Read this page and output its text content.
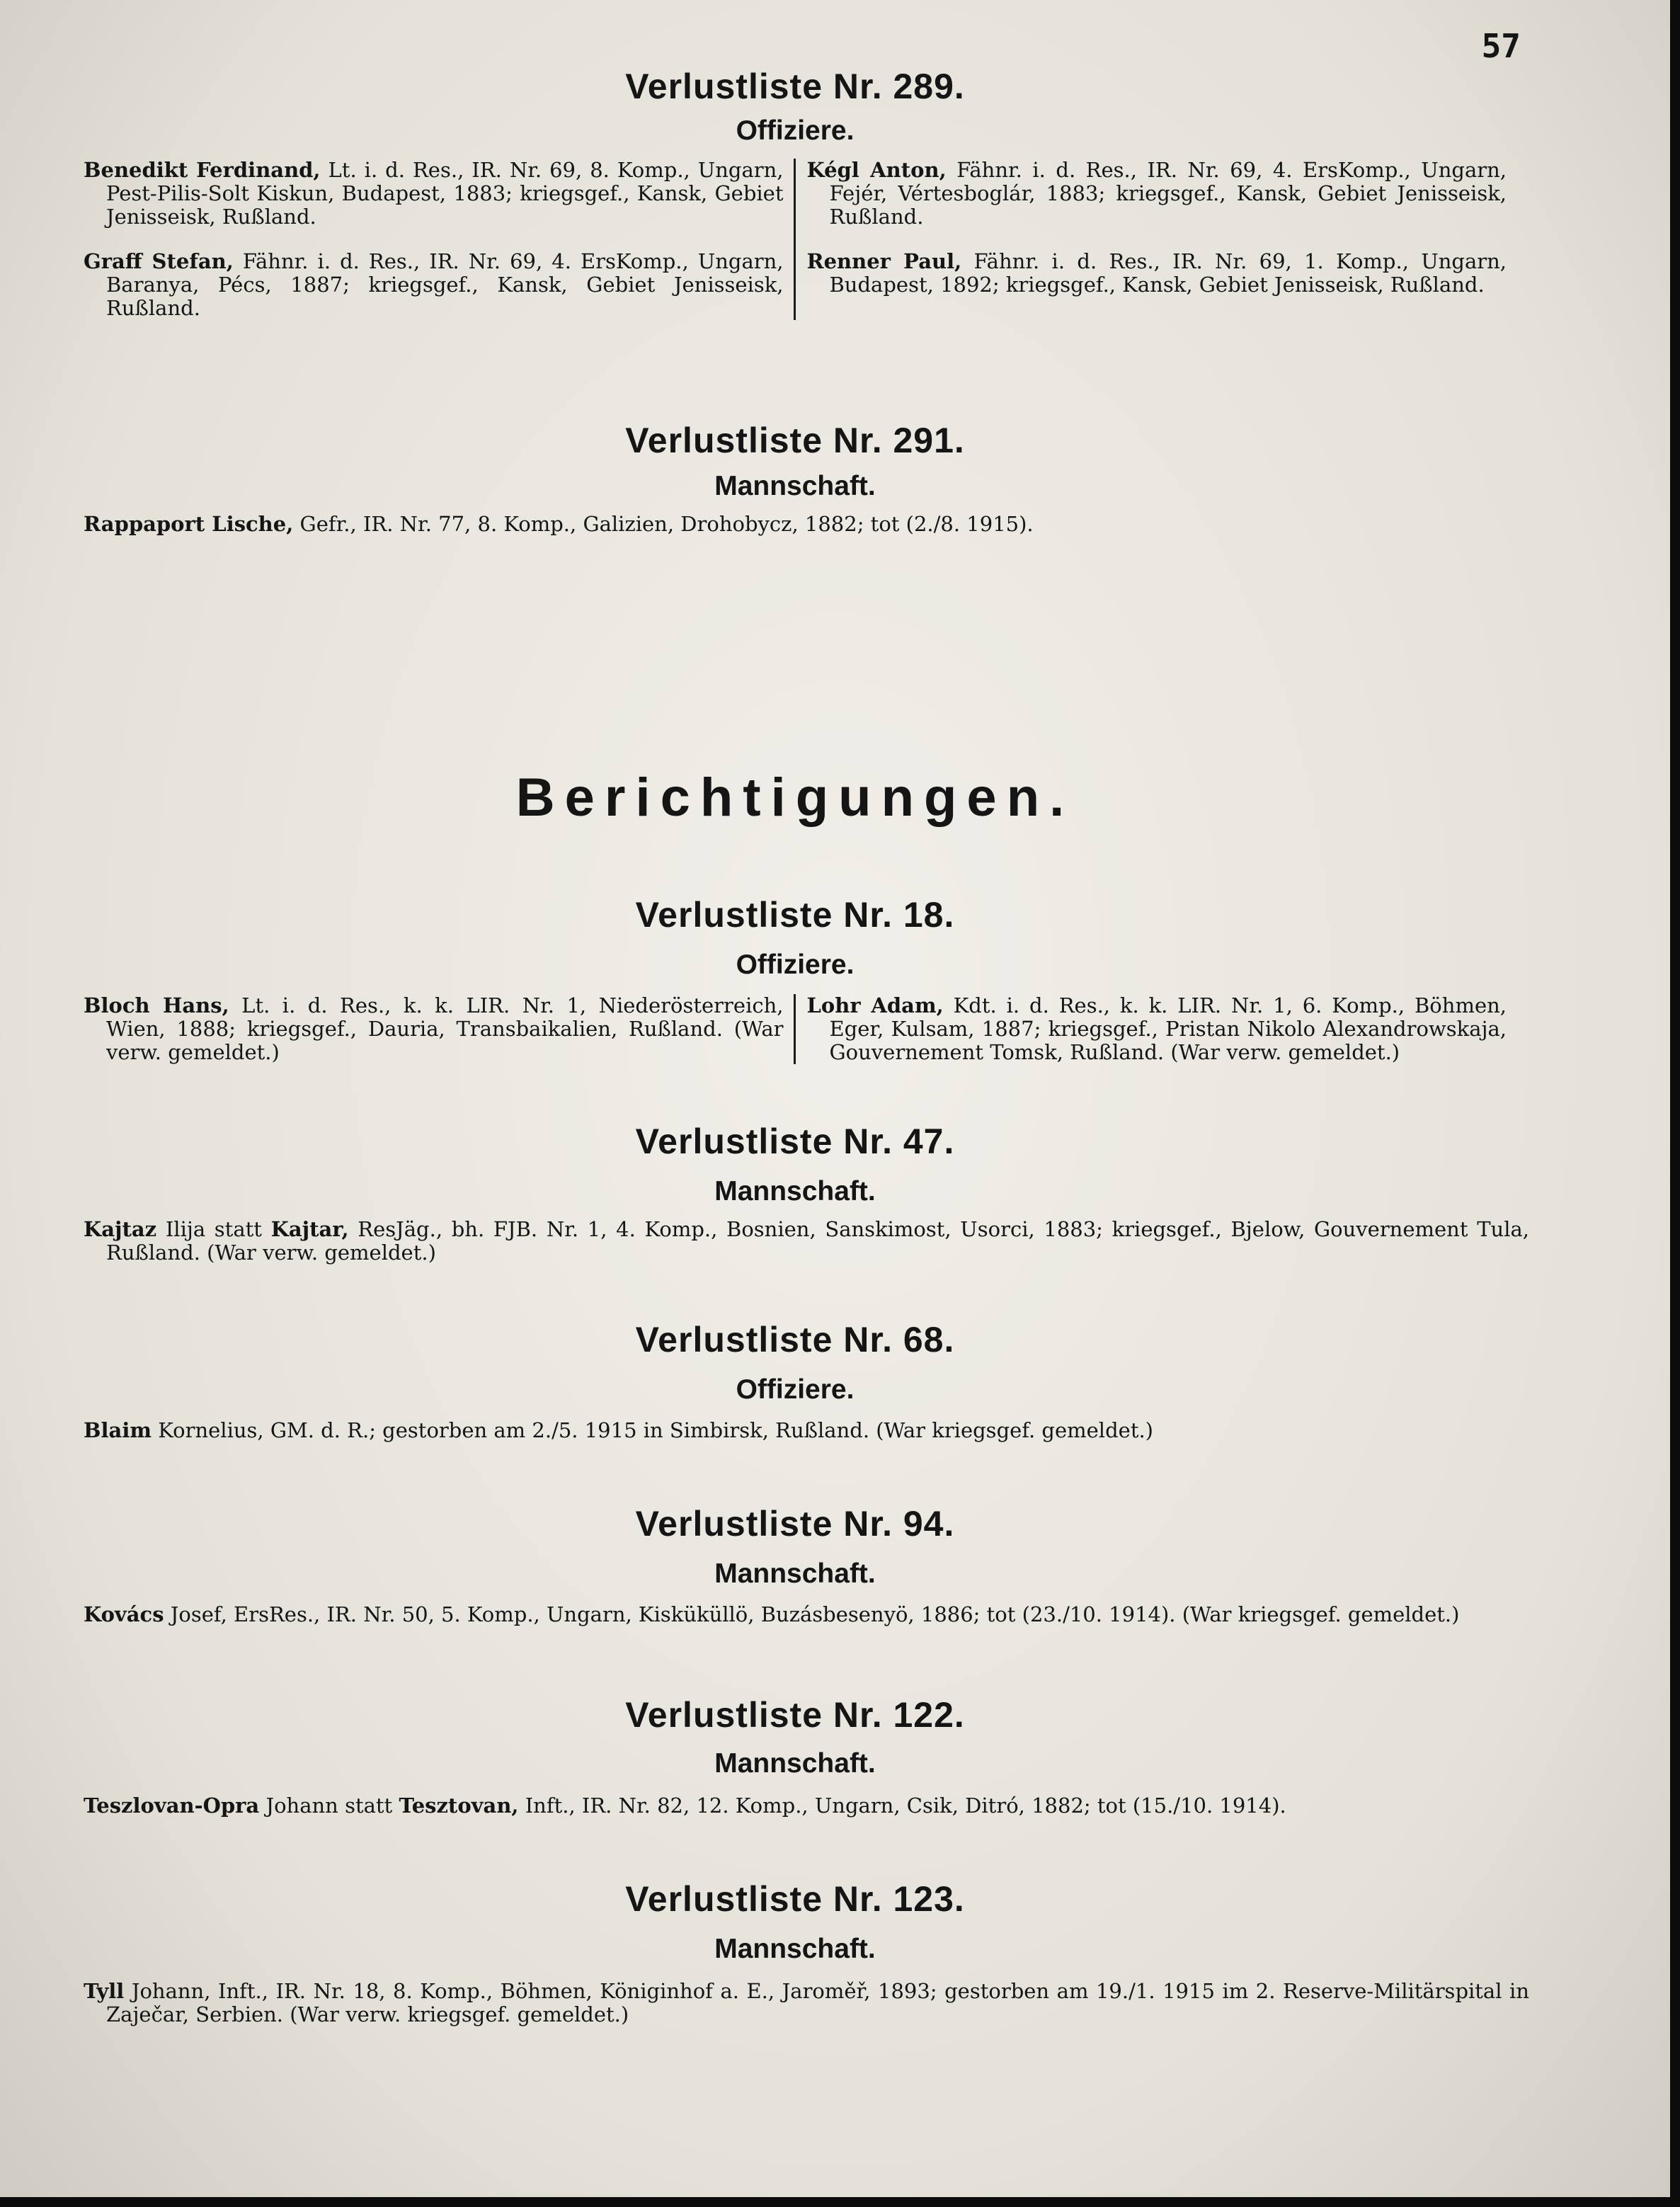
57
Verlustliste Nr. 289.
Offiziere.

Benedikt Ferdinand, Lt. i. d. Res., IR. Nr. 69, 8. Komp., Ungarn, Pest-Pilis-Solt Kiskun, Budapest, 1883; kriegsgef., Kansk, Gebiet Jenisseisk, Rußland.

Graff Stefan, Fähnr. i. d. Res., IR. Nr. 69, 4. ErsKomp., Ungarn, Baranya, Pécs, 1887; kriegsgef., Kansk, Gebiet Jenisseisk, Rußland.

Kégl Anton, Fähnr. i. d. Res., IR. Nr. 69, 4. ErsKomp., Ungarn, Fejér, Vértesboglár, 1883; kriegsgef., Kansk, Gebiet Jenisseisk, Rußland.

Renner Paul, Fähnr. i. d. Res., IR. Nr. 69, 1. Komp., Ungarn, Budapest, 1892; kriegsgef., Kansk, Gebiet Jenisseisk, Rußland.

Verlustliste Nr. 291.
Mannschaft.

Rappaport Lische, Gefr., IR. Nr. 77, 8. Komp., Galizien, Drohobycz, 1882; tot (2./8. 1915).

Berichtigungen.
Verlustliste Nr. 18.
Offiziere.

Bloch Hans, Lt. i. d. Res., k. k. LIR. Nr. 1, Niederösterreich, Wien, 1888; kriegsgef., Dauria, Transbaikalien, Rußland. (War verw. gemeldet.)

Lohr Adam, Kdt. i. d. Res., k. k. LIR. Nr. 1, 6. Komp., Böhmen, Eger, Kulsam, 1887; kriegsgef., Pristan Nikolo Alexandrowskaja, Gouvernement Tomsk, Rußland. (War verw. gemeldet.)

Verlustliste Nr. 47.
Mannschaft.

Kajtaz Ilija statt Kajtar, ResJäg., bh. FJB. Nr. 1, 4. Komp., Bosnien, Sanskimost, Usorci, 1883; kriegsgef., Bjelow, Gouvernement Tula, Rußland. (War verw. gemeldet.)

Verlustliste Nr. 68.
Offiziere.

Blaim Kornelius, GM. d. R.; gestorben am 2./5. 1915 in Simbirsk, Rußland. (War kriegsgef. gemeldet.)

Verlustliste Nr. 94.
Mannschaft.

Kovács Josef, ErsRes., IR. Nr. 50, 5. Komp., Ungarn, Kisküküllö, Buzásbesenyö, 1886; tot (23./10. 1914). (War kriegsgef. gemeldet.)

Verlustliste Nr. 122.
Mannschaft.

Teszlovan-Opra Johann statt Tesztovan, Inft., IR. Nr. 82, 12. Komp., Ungarn, Csik, Ditró, 1882; tot (15./10. 1914).

Verlustliste Nr. 123.
Mannschaft.

Tyll Johann, Inft., IR. Nr. 18, 8. Komp., Böhmen, Königinhof a. E., Jaroměř, 1893; gestorben am 19./1. 1915 im 2. Reserve-Militärspital in Zaječar, Serbien. (War verw. kriegsgef. gemeldet.)
